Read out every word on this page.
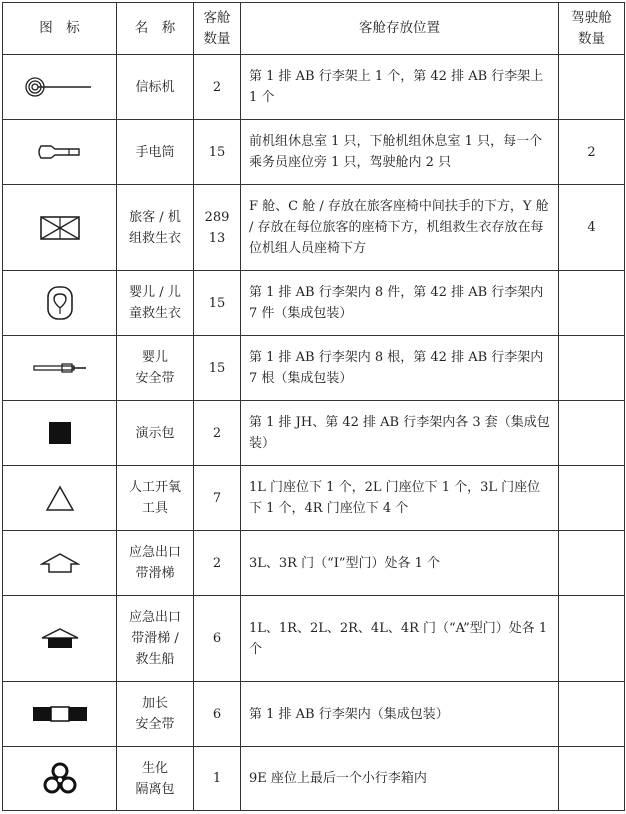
图　标	名　称	客舱
数量	客舱存放位置	驾驶舱
数量

	信标机	2	第 1 排 AB 行李架上 1 个，第 42 排 AB 行李架上 1 个	

	手电筒	15	前机组休息室 1 只，下舱机组休息室 1 只，每一个乘务员座位旁 1 只，驾驶舱内 2 只	2

	旅客 / 机
组救生衣	289
13	F 舱、C 舱 / 存放在旅客座椅中间扶手的下方，Y 舱 / 存放在每位旅客的座椅下方，机组救生衣存放在每位机组人员座椅下方	4

	婴儿 / 儿
童救生衣	15	第 1 排 AB 行李架内 8 件，第 42 排 AB 行李架内 7 件（集成包装）	

	婴儿
安全带	15	第 1 排 AB 行李架内 8 根，第 42 排 AB 行李架内 7 根（集成包装）	

	演示包	2	第 1 排 JH、第 42 排 AB 行李架内各 3 套（集成包装）	

	人工开氧
工具	7	1L 门座位下 1 个，2L 门座位下 1 个，3L 门座位下 1 个，4R 门座位下 4 个	

	应急出口
带滑梯	2	3L、3R 门（“I”型门）处各 1 个	

	应急出口
带滑梯 /
救生船	6	1L、1R、2L、2R、4L、4R 门（“A”型门）处各 1 个	

	加长
安全带	6	第 1 排 AB 行李架内（集成包装）	

	生化
隔离包	1	9E 座位上最后一个小行李箱内	
